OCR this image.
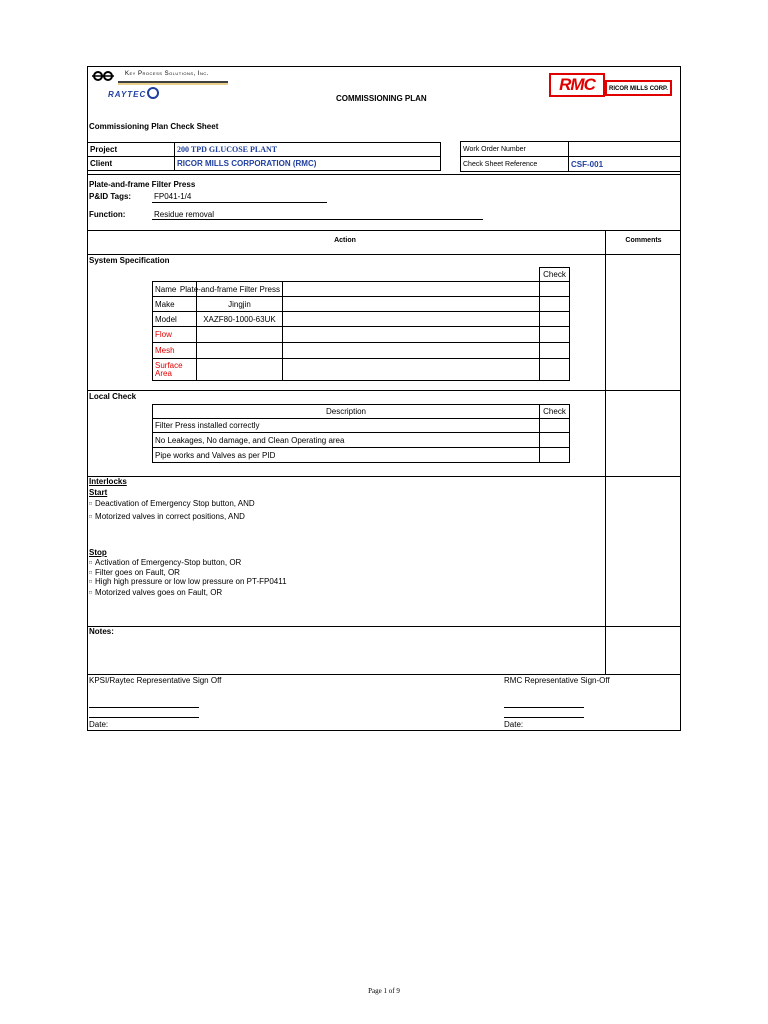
Key Process Solutions, Inc.
RAYTEC	COMMISSIONING PLAN
RMC	RICOR MILLS CORP.
Commissioning Plan Check Sheet
Project	200 TPD GLUCOSE PLANT
Client	RICOR MILLS CORPORATION (RMC)
Work Order Number	
Check Sheet Reference	CSF-001
Plate-and-frame Filter Press
P&ID Tags:	FP041-1/4
Function:	Residue removal
Action	Comments
System Specification
			Check
Name	Plate-and-frame Filter Press		
Make	Jingjin		
Model	XAZF80-1000-63UK		
Flow			
Mesh			
Surface Area			
Local Check
Description	Check
Filter Press installed correctly	
No Leakages, No damage, and Clean Operating area	
Pipe works and Valves as per PID	
Interlocks
Start
□ Deactivation of Emergency Stop button, AND
□ Motorized valves in correct positions, AND
Stop
□ Activation of Emergency-Stop button, OR
□ Filter goes on Fault, OR
□ High high pressure or low low pressure on PT-FP0411
□ Motorized valves goes on Fault, OR
Notes:
KPSI/Raytec Representative Sign Off	RMC Representative Sign-Off
Date:	Date:
Page 1 of 9
